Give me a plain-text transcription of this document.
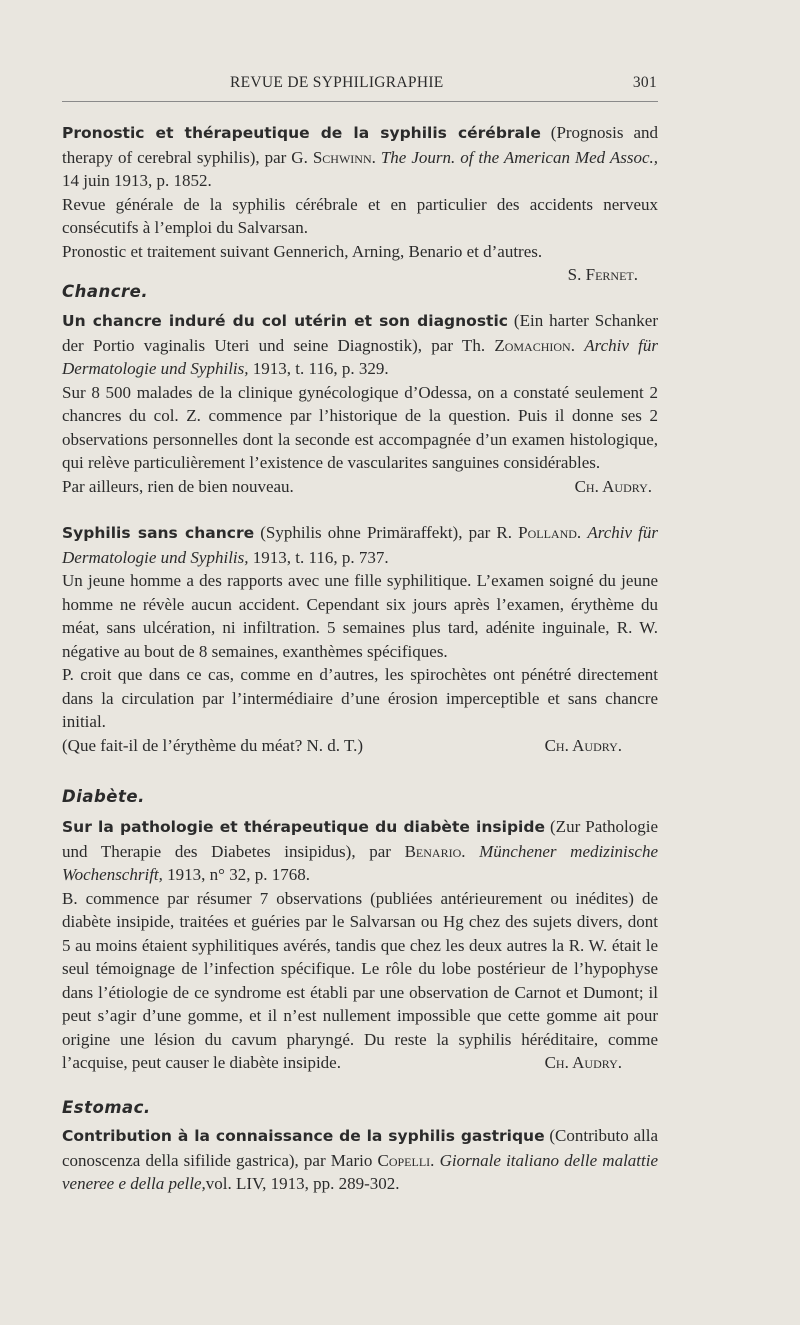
REVUE DE SYPHILIGRAPHIE	301

Pronostic et thérapeutique de la syphilis cérébrale (Prognosis and therapy of cerebral syphilis), par G. Schwinn. The Journ. of the American Med Assoc., 14 juin 1913, p. 1852.

Revue générale de la syphilis cérébrale et en particulier des accidents nerveux consécutifs à l’emploi du Salvarsan.

Pronostic et traitement suivant Gennerich, Arning, Benario et d’autres.

S. Fernet.
Chancre.

Un chancre induré du col utérin et son diagnostic (Ein harter Schanker der Portio vaginalis Uteri und seine Diagnostik), par Th. Zomachion. Archiv für Dermatologie und Syphilis, 1913, t. 116, p. 329.

Sur 8 500 malades de la clinique gynécologique d’Odessa, on a constaté seulement 2 chancres du col. Z. commence par l’historique de la question. Puis il donne ses 2 observations personnelles dont la seconde est accompagnée d’un examen histologique, qui relève particulièrement l’existence de vascularites sanguines considérables.

Par ailleurs, rien de bien nouveau.	Ch. Audry.

Syphilis sans chancre (Syphilis ohne Primäraffekt), par R. Polland. Archiv für Dermatologie und Syphilis, 1913, t. 116, p. 737.

Un jeune homme a des rapports avec une fille syphilitique. L’examen soigné du jeune homme ne révèle aucun accident. Cependant six jours après l’examen, érythème du méat, sans ulcération, ni infiltration. 5 semaines plus tard, adénite inguinale, R. W. négative au bout de 8 semaines, exanthèmes spécifiques.

P. croit que dans ce cas, comme en d’autres, les spirochètes ont pénétré directement dans la circulation par l’intermédiaire d’une érosion imperceptible et sans chancre initial.

(Que fait-il de l’érythème du méat? N. d. T.)	Ch. Audry.
Diabète.

Sur la pathologie et thérapeutique du diabète insipide (Zur Pathologie und Therapie des Diabetes insipidus), par Benario. Münchener medizinische Wochenschrift, 1913, n° 32, p. 1768.

B. commence par résumer 7 observations (publiées antérieurement ou inédites) de diabète insipide, traitées et guéries par le Salvarsan ou Hg chez des sujets divers, dont 5 au moins étaient syphilitiques avérés, tandis que chez les deux autres la R. W. était le seul témoignage de l’infection spécifique. Le rôle du lobe postérieur de l’hypophyse dans l’étiologie de ce syndrome est établi par une observation de Carnot et Dumont; il peut s’agir d’une gomme, et il n’est nullement impossible que cette gomme ait pour origine une lésion du cavum pharyngé. Du reste la syphilis héréditaire, comme l’acquise, peut causer le diabète insipide.	Ch. Audry.
Estomac.

Contribution à la connaissance de la syphilis gastrique (Contributo alla conoscenza della sifilide gastrica), par Mario Copelli. Giornale italiano delle malattie veneree e della pelle,vol. LIV, 1913, pp. 289-302.
